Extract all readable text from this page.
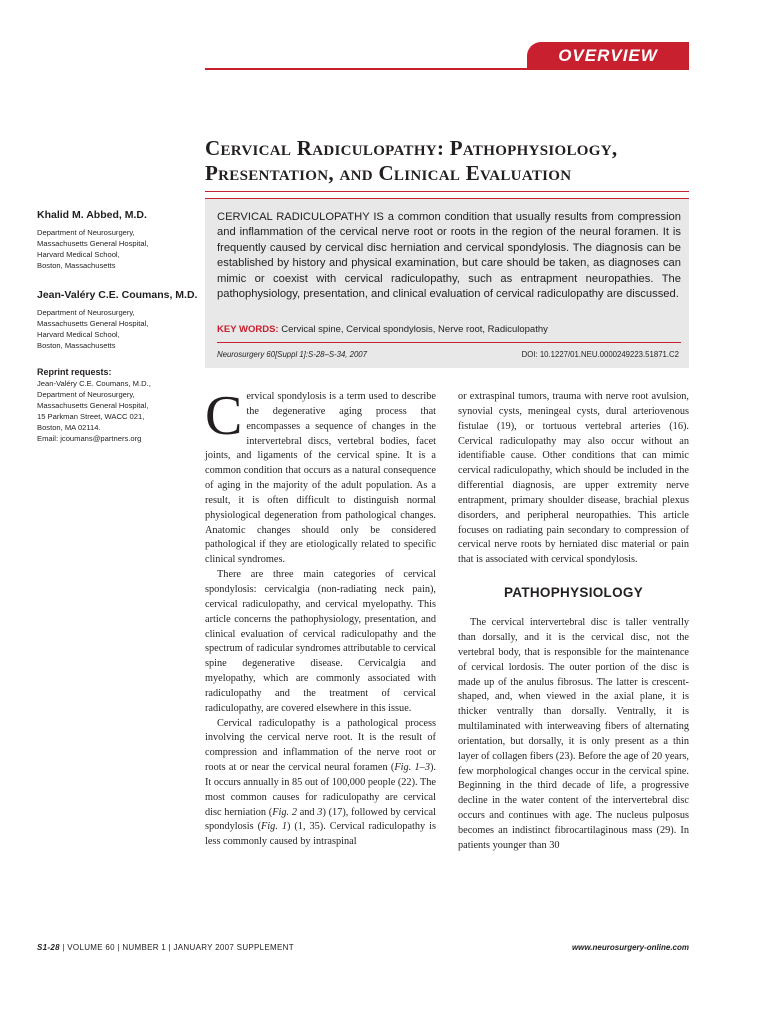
OVERVIEW
Cervical Radiculopathy: Pathophysiology,
Presentation, and Clinical Evaluation
Khalid M. Abbed, M.D.
Department of Neurosurgery,
Massachusetts General Hospital,
Harvard Medical School,
Boston, Massachusetts
Jean-Valéry C.E. Coumans, M.D.
Department of Neurosurgery,
Massachusetts General Hospital,
Harvard Medical School,
Boston, Massachusetts
Reprint requests:
Jean-Valéry C.E. Coumans, M.D.,
Department of Neurosurgery,
Massachusetts General Hospital,
15 Parkman Street, WACC 021,
Boston, MA 02114.
Email: jcoumans@partners.org
CERVICAL RADICULOPATHY IS a common condition that usually results from compression and inflammation of the cervical nerve root or roots in the region of the neural foramen. It is frequently caused by cervical disc herniation and cervical spondylosis. The diagnosis can be established by history and physical examination, but care should be taken, as diagnoses can mimic or coexist with cervical radiculopathy, such as entrapment neuropathies. The pathophysiology, presentation, and clinical evaluation of cervical radiculopathy are discussed.
KEY WORDS: Cervical spine, Cervical spondylosis, Nerve root, Radiculopathy
Neurosurgery 60[Suppl 1]:S-28–S-34, 2007	DOI: 10.1227/01.NEU.0000249223.51871.C2

Cervical spondylosis is a term used to describe the degenerative aging process that encompasses a sequence of changes in the intervertebral discs, vertebral bodies, facet joints, and ligaments of the cervical spine. It is a common condition that occurs as a natural consequence of aging in the majority of the adult population. As a result, it is often difficult to distinguish normal physiological degeneration from pathological changes. Anatomic changes should only be considered pathological if they are etiologically related to specific clinical syndromes.

There are three main categories of cervical spondylosis: cervicalgia (non-radiating neck pain), cervical radiculopathy, and cervical myelopathy. This article concerns the pathophysiology, presentation, and clinical evaluation of cervical radiculopathy and the spectrum of radicular syndromes attributable to cervical spine degenerative disease. Cervicalgia and myelopathy, which are commonly associated with radiculopathy and the treatment of cervical radiculopathy, are covered elsewhere in this issue.

Cervical radiculopathy is a pathological process involving the cervical nerve root. It is the result of compression and inflammation of the nerve root or roots at or near the cervical neural foramen (Fig. 1–3). It occurs annually in 85 out of 100,000 people (22). The most common causes for radiculopathy are cervical disc herniation (Fig. 2 and 3) (17), followed by cervical spondylosis (Fig. 1) (1, 35). Cervical radiculopathy is less commonly caused by intraspinal

or extraspinal tumors, trauma with nerve root avulsion, synovial cysts, meningeal cysts, dural arteriovenous fistulae (19), or tortuous vertebral arteries (16). Cervical radiculopathy may also occur without an identifiable cause. Other conditions that can mimic cervical radiculopathy, which should be included in the differential diagnosis, are upper extremity nerve entrapment, primary shoulder disease, brachial plexus disorders, and peripheral neuropathies. This article focuses on radiating pain secondary to compression of cervical nerve roots by herniated disc material or pain that is associated with cervical spondylosis.

PATHOPHYSIOLOGY

The cervical intervertebral disc is taller ventrally than dorsally, and it is the cervical disc, not the vertebral body, that is responsible for the maintenance of cervical lordosis. The outer portion of the disc is made up of the anulus fibrosus. The latter is crescent-shaped, and, when viewed in the axial plane, it is thicker ventrally than dorsally. Ventrally, it is multilaminated with interweaving fibers of alternating orientation, but dorsally, it is only present as a thin layer of collagen fibers (23). Before the age of 20 years, few morphological changes occur in the cervical spine. Beginning in the third decade of life, a progressive decline in the water content of the intervertebral disc occurs and continues with age. The nucleus pulposus becomes an indistinct fibrocartilaginous mass (29). In patients younger than 30

S1-28 | VOLUME 60 | NUMBER 1 | JANUARY 2007 SUPPLEMENT	www.neurosurgery-online.com
